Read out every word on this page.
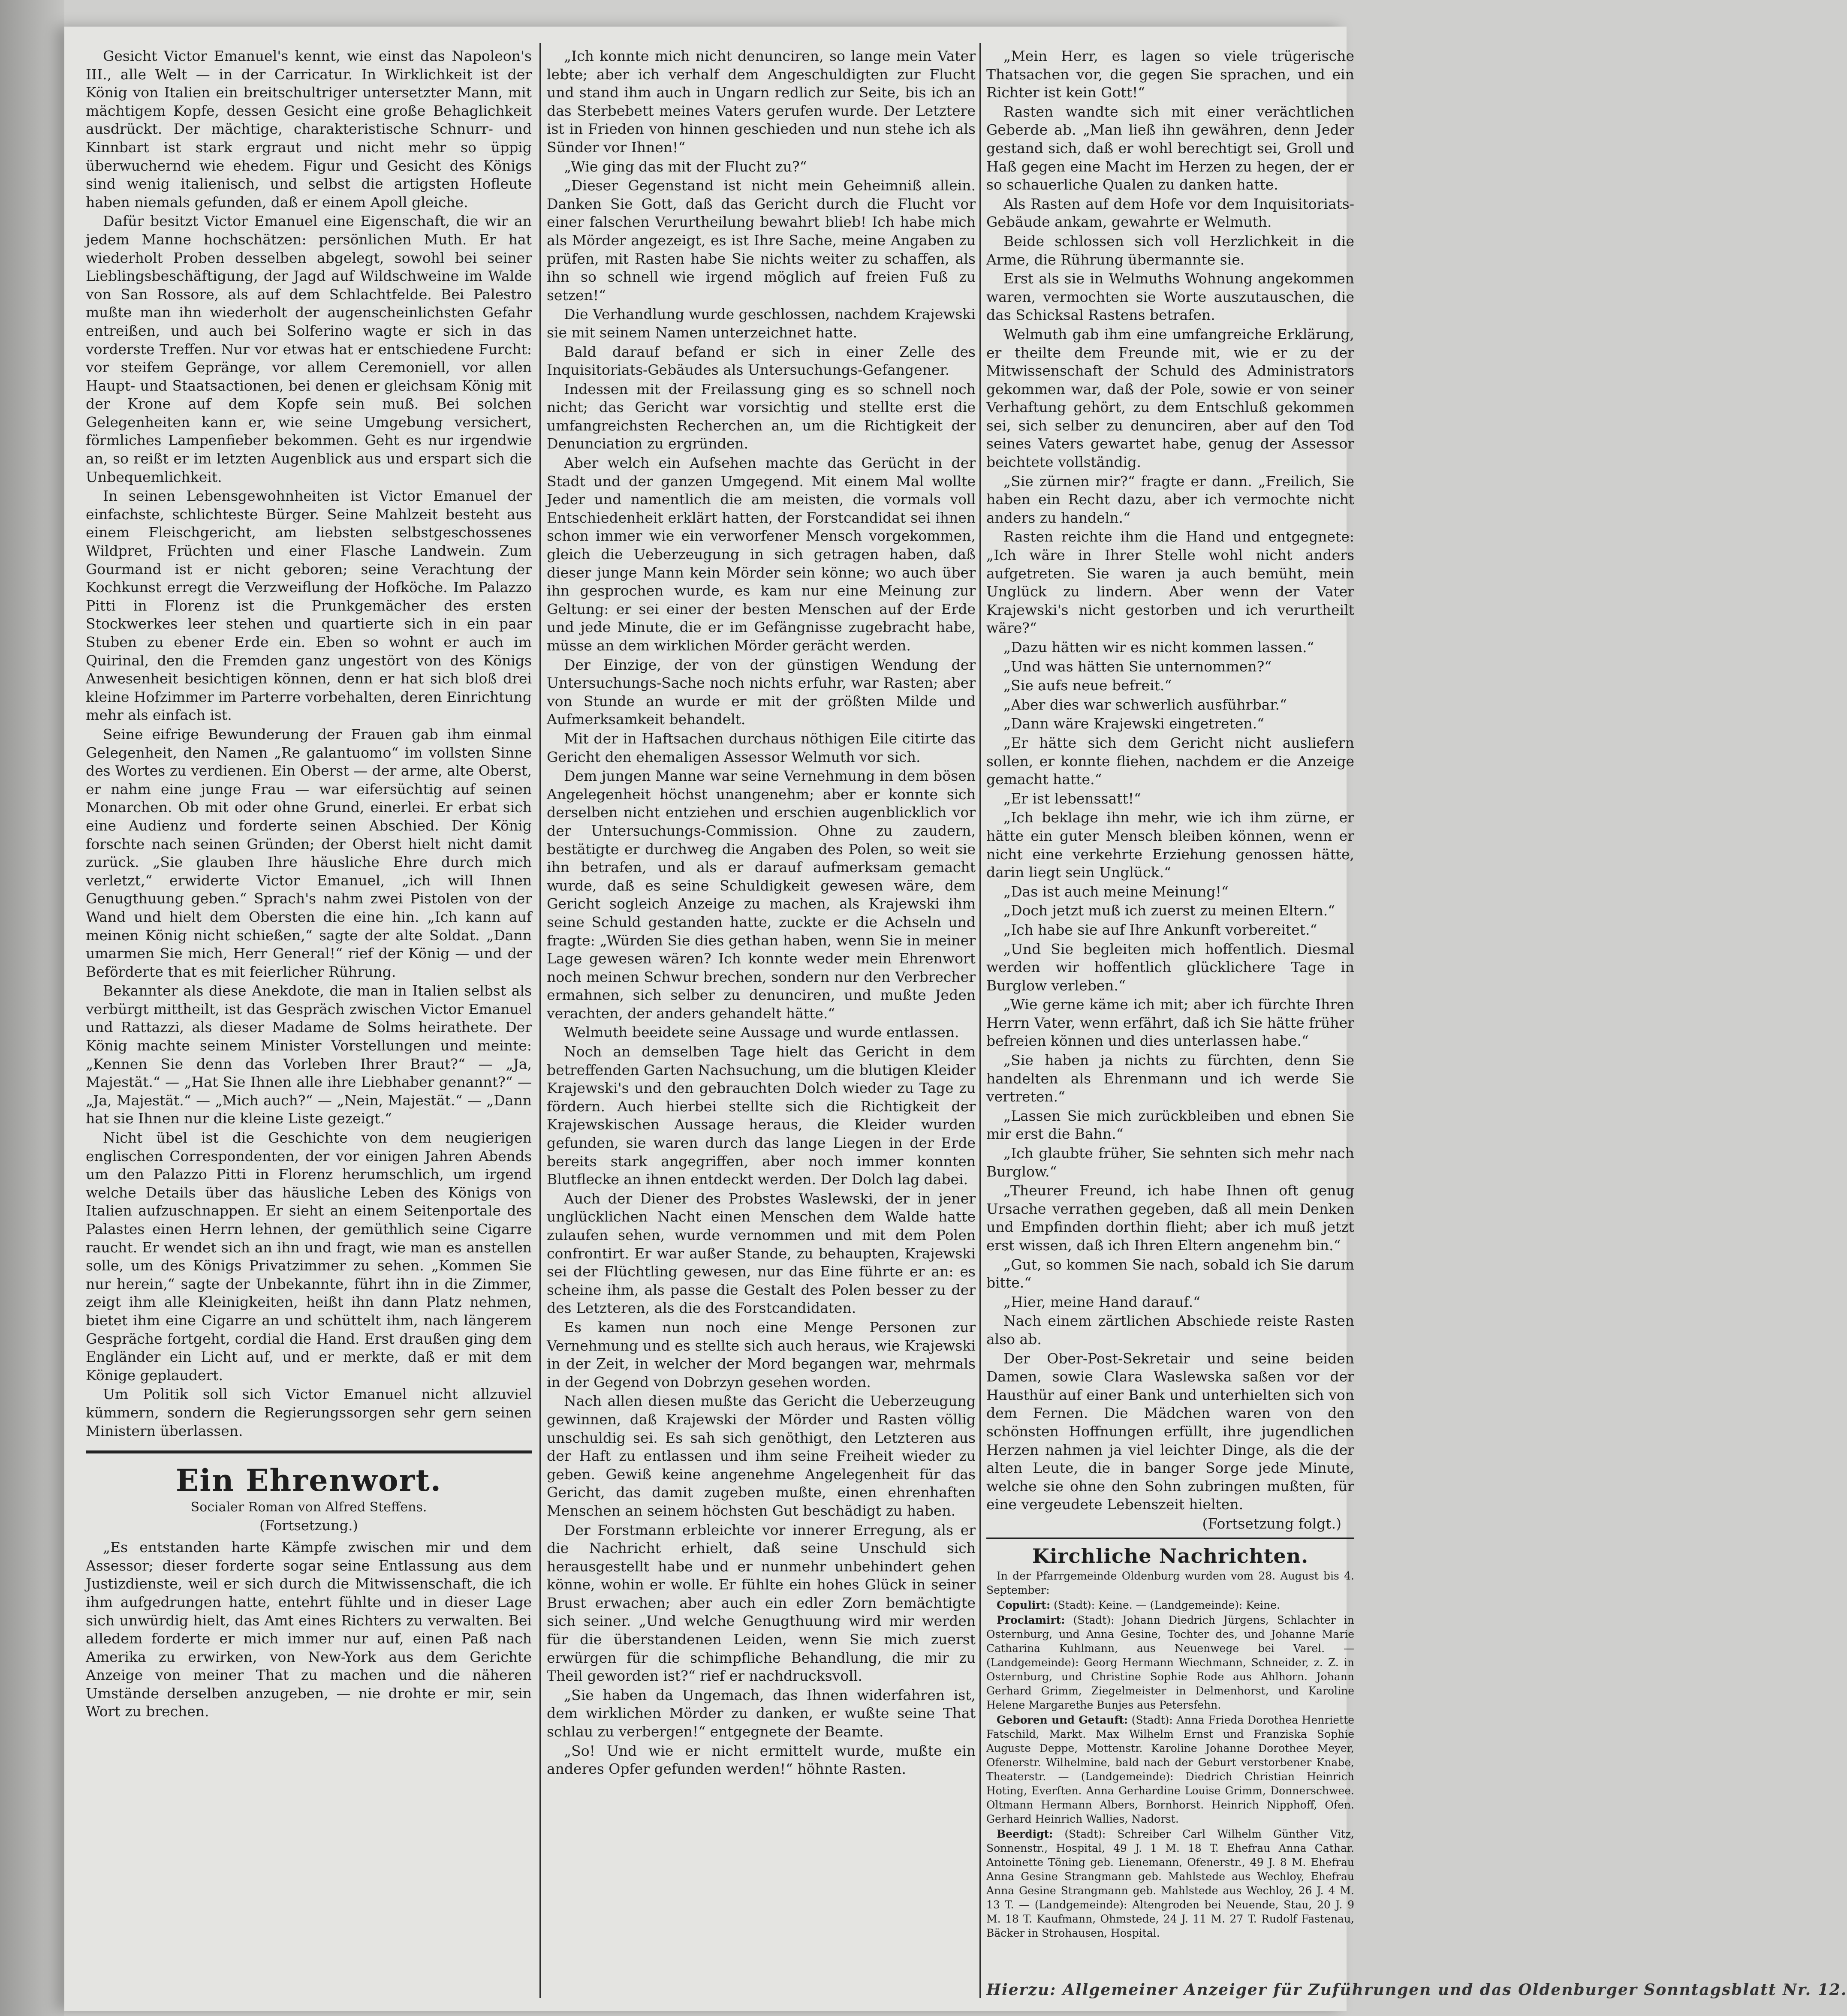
Gesicht Victor Emanuel's kennt, wie einst das Napoleon's III., alle Welt — in der Carricatur. In Wirklichkeit ist der König von Italien ein breitschultriger untersetzter Mann, mit mächtigem Kopfe, dessen Gesicht eine große Behaglichkeit ausdrückt. Der mächtige, charakteristische Schnurr- und Kinnbart ist stark ergraut und nicht mehr so üppig überwuchernd wie ehedem. Figur und Gesicht des Königs sind wenig italienisch, und selbst die artigsten Hofleute haben niemals gefunden, daß er einem Apoll gleiche.

Dafür besitzt Victor Emanuel eine Eigenschaft, die wir an jedem Manne hochschätzen: persönlichen Muth. Er hat wiederholt Proben desselben abgelegt, sowohl bei seiner Lieblingsbeschäftigung, der Jagd auf Wildschweine im Walde von San Rossore, als auf dem Schlachtfelde. Bei Palestro mußte man ihn wiederholt der augenscheinlichsten Gefahr entreißen, und auch bei Solferino wagte er sich in das vorderste Treffen. Nur vor etwas hat er entschiedene Furcht: vor steifem Gepränge, vor allem Ceremoniell, vor allen Haupt- und Staatsactionen, bei denen er gleichsam König mit der Krone auf dem Kopfe sein muß. Bei solchen Gelegenheiten kann er, wie seine Umgebung versichert, förmliches Lampenfieber bekommen. Geht es nur irgendwie an, so reißt er im letzten Augenblick aus und erspart sich die Unbequemlichkeit.

In seinen Lebensgewohnheiten ist Victor Emanuel der einfachste, schlichteste Bürger. Seine Mahlzeit besteht aus einem Fleischgericht, am liebsten selbstgeschossenes Wildpret, Früchten und einer Flasche Landwein. Zum Gourmand ist er nicht geboren; seine Verachtung der Kochkunst erregt die Verzweiflung der Hofköche. Im Palazzo Pitti in Florenz ist die Prunkgemächer des ersten Stockwerkes leer stehen und quartierte sich in ein paar Stuben zu ebener Erde ein. Eben so wohnt er auch im Quirinal, den die Fremden ganz ungestört von des Königs Anwesenheit besichtigen können, denn er hat sich bloß drei kleine Hofzimmer im Parterre vorbehalten, deren Einrichtung mehr als einfach ist.

Seine eifrige Bewunderung der Frauen gab ihm einmal Gelegenheit, den Namen „Re galantuomo“ im vollsten Sinne des Wortes zu verdienen. Ein Oberst — der arme, alte Oberst, er nahm eine junge Frau — war eifersüchtig auf seinen Monarchen. Ob mit oder ohne Grund, einerlei. Er erbat sich eine Audienz und forderte seinen Abschied. Der König forschte nach seinen Gründen; der Oberst hielt nicht damit zurück. „Sie glauben Ihre häusliche Ehre durch mich verletzt,“ erwiderte Victor Emanuel, „ich will Ihnen Genugthuung geben.“ Sprach's nahm zwei Pistolen von der Wand und hielt dem Obersten die eine hin. „Ich kann auf meinen König nicht schießen,“ sagte der alte Soldat. „Dann umarmen Sie mich, Herr General!“ rief der König — und der Beförderte that es mit feierlicher Rührung.

Bekannter als diese Anekdote, die man in Italien selbst als verbürgt mittheilt, ist das Gespräch zwischen Victor Emanuel und Rattazzi, als dieser Madame de Solms heirathete. Der König machte seinem Minister Vorstellungen und meinte: „Kennen Sie denn das Vorleben Ihrer Braut?“ — „Ja, Majestät.“ — „Hat Sie Ihnen alle ihre Liebhaber genannt?“ — „Ja, Majestät.“ — „Mich auch?“ — „Nein, Majestät.“ — „Dann hat sie Ihnen nur die kleine Liste gezeigt.“

Nicht übel ist die Geschichte von dem neugierigen englischen Correspondenten, der vor einigen Jahren Abends um den Palazzo Pitti in Florenz herumschlich, um irgend welche Details über das häusliche Leben des Königs von Italien aufzuschnappen. Er sieht an einem Seitenportale des Palastes einen Herrn lehnen, der gemüthlich seine Cigarre raucht. Er wendet sich an ihn und fragt, wie man es anstellen solle, um des Königs Privatzimmer zu sehen. „Kommen Sie nur herein,“ sagte der Unbekannte, führt ihn in die Zimmer, zeigt ihm alle Kleinigkeiten, heißt ihn dann Platz nehmen, bietet ihm eine Cigarre an und schüttelt ihm, nach längerem Gespräche fortgeht, cordial die Hand. Erst draußen ging dem Engländer ein Licht auf, und er merkte, daß er mit dem Könige geplaudert.

Um Politik soll sich Victor Emanuel nicht allzuviel kümmern, sondern die Regierungssorgen sehr gern seinen Ministern überlassen.

Ein Ehrenwort.
Socialer Roman von Alfred Steffens.
(Fortsetzung.)

„Es entstanden harte Kämpfe zwischen mir und dem Assessor; dieser forderte sogar seine Entlassung aus dem Justizdienste, weil er sich durch die Mitwissenschaft, die ich ihm aufgedrungen hatte, entehrt fühlte und in dieser Lage sich unwürdig hielt, das Amt eines Richters zu verwalten. Bei alledem forderte er mich immer nur auf, einen Paß nach Amerika zu erwirken, von New-York aus dem Gerichte Anzeige von meiner That zu machen und die näheren Umstände derselben anzugeben, — nie drohte er mir, sein Wort zu brechen.

„Ich konnte mich nicht denunciren, so lange mein Vater lebte; aber ich verhalf dem Angeschuldigten zur Flucht und stand ihm auch in Ungarn redlich zur Seite, bis ich an das Sterbebett meines Vaters gerufen wurde. Der Letztere ist in Frieden von hinnen geschieden und nun stehe ich als Sünder vor Ihnen!“

„Wie ging das mit der Flucht zu?“

„Dieser Gegenstand ist nicht mein Geheimniß allein. Danken Sie Gott, daß das Gericht durch die Flucht vor einer falschen Verurtheilung bewahrt blieb! Ich habe mich als Mörder angezeigt, es ist Ihre Sache, meine Angaben zu prüfen, mit Rasten habe Sie nichts weiter zu schaffen, als ihn so schnell wie irgend möglich auf freien Fuß zu setzen!“

Die Verhandlung wurde geschlossen, nachdem Krajewski sie mit seinem Namen unterzeichnet hatte.

Bald darauf befand er sich in einer Zelle des Inquisitoriats-Gebäudes als Untersuchungs-Gefangener.

Indessen mit der Freilassung ging es so schnell noch nicht; das Gericht war vorsichtig und stellte erst die umfangreichsten Recherchen an, um die Richtigkeit der Denunciation zu ergründen.

Aber welch ein Aufsehen machte das Gerücht in der Stadt und der ganzen Umgegend. Mit einem Mal wollte Jeder und namentlich die am meisten, die vormals voll Entschiedenheit erklärt hatten, der Forstcandidat sei ihnen schon immer wie ein verworfener Mensch vorgekommen, gleich die Ueberzeugung in sich getragen haben, daß dieser junge Mann kein Mörder sein könne; wo auch über ihn gesprochen wurde, es kam nur eine Meinung zur Geltung: er sei einer der besten Menschen auf der Erde und jede Minute, die er im Gefängnisse zugebracht habe, müsse an dem wirklichen Mörder gerächt werden.

Der Einzige, der von der günstigen Wendung der Untersuchungs-Sache noch nichts erfuhr, war Rasten; aber von Stunde an wurde er mit der größten Milde und Aufmerksamkeit behandelt.

Mit der in Haftsachen durchaus nöthigen Eile citirte das Gericht den ehemaligen Assessor Welmuth vor sich.

Dem jungen Manne war seine Vernehmung in dem bösen Angelegenheit höchst unangenehm; aber er konnte sich derselben nicht entziehen und erschien augenblicklich vor der Untersuchungs-Commission. Ohne zu zaudern, bestätigte er durchweg die Angaben des Polen, so weit sie ihn betrafen, und als er darauf aufmerksam gemacht wurde, daß es seine Schuldigkeit gewesen wäre, dem Gericht sogleich Anzeige zu machen, als Krajewski ihm seine Schuld gestanden hatte, zuckte er die Achseln und fragte: „Würden Sie dies gethan haben, wenn Sie in meiner Lage gewesen wären? Ich konnte weder mein Ehrenwort noch meinen Schwur brechen, sondern nur den Verbrecher ermahnen, sich selber zu denunciren, und mußte Jeden verachten, der anders gehandelt hätte.“

Welmuth beeidete seine Aussage und wurde entlassen.

Noch an demselben Tage hielt das Gericht in dem betreffenden Garten Nachsuchung, um die blutigen Kleider Krajewski's und den gebrauchten Dolch wieder zu Tage zu fördern. Auch hierbei stellte sich die Richtigkeit der Krajewskischen Aussage heraus, die Kleider wurden gefunden, sie waren durch das lange Liegen in der Erde bereits stark angegriffen, aber noch immer konnten Blutflecke an ihnen entdeckt werden. Der Dolch lag dabei.

Auch der Diener des Probstes Waslewski, der in jener unglücklichen Nacht einen Menschen dem Walde hatte zulaufen sehen, wurde vernommen und mit dem Polen confrontirt. Er war außer Stande, zu behaupten, Krajewski sei der Flüchtling gewesen, nur das Eine führte er an: es scheine ihm, als passe die Gestalt des Polen besser zu der des Letzteren, als die des Forstcandidaten.

Es kamen nun noch eine Menge Personen zur Vernehmung und es stellte sich auch heraus, wie Krajewski in der Zeit, in welcher der Mord begangen war, mehrmals in der Gegend von Dobrzyn gesehen worden.

Nach allen diesen mußte das Gericht die Ueberzeugung gewinnen, daß Krajewski der Mörder und Rasten völlig unschuldig sei. Es sah sich genöthigt, den Letzteren aus der Haft zu entlassen und ihm seine Freiheit wieder zu geben. Gewiß keine angenehme Angelegenheit für das Gericht, das damit zugeben mußte, einen ehrenhaften Menschen an seinem höchsten Gut beschädigt zu haben.

Der Forstmann erbleichte vor innerer Erregung, als er die Nachricht erhielt, daß seine Unschuld sich herausgestellt habe und er nunmehr unbehindert gehen könne, wohin er wolle. Er fühlte ein hohes Glück in seiner Brust erwachen; aber auch ein edler Zorn bemächtigte sich seiner. „Und welche Genugthuung wird mir werden für die überstandenen Leiden, wenn Sie mich zuerst erwürgen für die schimpfliche Behandlung, die mir zu Theil geworden ist?“ rief er nachdrucksvoll.

„Sie haben da Ungemach, das Ihnen widerfahren ist, dem wirklichen Mörder zu danken, er wußte seine That schlau zu verbergen!“ entgegnete der Beamte.

„So! Und wie er nicht ermittelt wurde, mußte ein anderes Opfer gefunden werden!“ höhnte Rasten.

„Mein Herr, es lagen so viele trügerische Thatsachen vor, die gegen Sie sprachen, und ein Richter ist kein Gott!“

Rasten wandte sich mit einer verächtlichen Geberde ab. „Man ließ ihn gewähren, denn Jeder gestand sich, daß er wohl berechtigt sei, Groll und Haß gegen eine Macht im Herzen zu hegen, der er so schauerliche Qualen zu danken hatte.

Als Rasten auf dem Hofe vor dem Inquisitoriats-Gebäude ankam, gewahrte er Welmuth.

Beide schlossen sich voll Herzlichkeit in die Arme, die Rührung übermannte sie.

Erst als sie in Welmuths Wohnung angekommen waren, vermochten sie Worte auszutauschen, die das Schicksal Rastens betrafen.

Welmuth gab ihm eine umfangreiche Erklärung, er theilte dem Freunde mit, wie er zu der Mitwissenschaft der Schuld des Administrators gekommen war, daß der Pole, sowie er von seiner Verhaftung gehört, zu dem Entschluß gekommen sei, sich selber zu denunciren, aber auf den Tod seines Vaters gewartet habe, genug der Assessor beichtete vollständig.

„Sie zürnen mir?“ fragte er dann. „Freilich, Sie haben ein Recht dazu, aber ich vermochte nicht anders zu handeln.“

Rasten reichte ihm die Hand und entgegnete: „Ich wäre in Ihrer Stelle wohl nicht anders aufgetreten. Sie waren ja auch bemüht, mein Unglück zu lindern. Aber wenn der Vater Krajewski's nicht gestorben und ich verurtheilt wäre?“

„Dazu hätten wir es nicht kommen lassen.“

„Und was hätten Sie unternommen?“

„Sie aufs neue befreit.“

„Aber dies war schwerlich ausführbar.“

„Dann wäre Krajewski eingetreten.“

„Er hätte sich dem Gericht nicht ausliefern sollen, er konnte fliehen, nachdem er die Anzeige gemacht hatte.“

„Er ist lebenssatt!“

„Ich beklage ihn mehr, wie ich ihm zürne, er hätte ein guter Mensch bleiben können, wenn er nicht eine verkehrte Erziehung genossen hätte, darin liegt sein Unglück.“

„Das ist auch meine Meinung!“

„Doch jetzt muß ich zuerst zu meinen Eltern.“

„Ich habe sie auf Ihre Ankunft vorbereitet.“

„Und Sie begleiten mich hoffentlich. Diesmal werden wir hoffentlich glücklichere Tage in Burglow verleben.“

„Wie gerne käme ich mit; aber ich fürchte Ihren Herrn Vater, wenn erfährt, daß ich Sie hätte früher befreien können und dies unterlassen habe.“

„Sie haben ja nichts zu fürchten, denn Sie handelten als Ehrenmann und ich werde Sie vertreten.“

„Lassen Sie mich zurückbleiben und ebnen Sie mir erst die Bahn.“

„Ich glaubte früher, Sie sehnten sich mehr nach Burglow.“

„Theurer Freund, ich habe Ihnen oft genug Ursache verrathen gegeben, daß all mein Denken und Empfinden dorthin flieht; aber ich muß jetzt erst wissen, daß ich Ihren Eltern angenehm bin.“

„Gut, so kommen Sie nach, sobald ich Sie darum bitte.“

„Hier, meine Hand darauf.“

Nach einem zärtlichen Abschiede reiste Rasten also ab.

Der Ober-Post-Sekretair und seine beiden Damen, sowie Clara Waslewska saßen vor der Hausthür auf einer Bank und unterhielten sich von dem Fernen. Die Mädchen waren von den schönsten Hoffnungen erfüllt, ihre jugendlichen Herzen nahmen ja viel leichter Dinge, als die der alten Leute, die in banger Sorge jede Minute, welche sie ohne den Sohn zubringen mußten, für eine vergeudete Lebenszeit hielten.

(Fortsetzung folgt.)

Kirchliche Nachrichten.

In der Pfarrgemeinde Oldenburg wurden vom 28. August bis 4. September:

Copulirt: (Stadt): Keine. — (Landgemeinde): Keine.

Proclamirt: (Stadt): Johann Diedrich Jürgens, Schlachter in Osternburg, und Anna Gesine, Tochter des, und Johanne Marie Catharina Kuhlmann, aus Neuenwege bei Varel. — (Landgemeinde): Georg Hermann Wiechmann, Schneider, z. Z. in Osternburg, und Christine Sophie Rode aus Ahlhorn. Johann Gerhard Grimm, Ziegelmeister in Delmenhorst, und Karoline Helene Margarethe Bunjes aus Petersfehn.

Geboren und Getauft: (Stadt): Anna Frieda Dorothea Henriette Fatschild, Markt. Max Wilhelm Ernst und Franziska Sophie Auguste Deppe, Mottenstr. Karoline Johanne Dorothee Meyer, Ofenerstr. Wilhelmine, bald nach der Geburt verstorbener Knabe, Theaterstr. — (Landgemeinde): Diedrich Christian Heinrich Hoting, Everſten. Anna Gerhardine Louise Grimm, Donnerschwee. Oltmann Hermann Albers, Bornhorst. Heinrich Nipphoff, Ofen. Gerhard Heinrich Wallies, Nadorst.

Beerdigt: (Stadt): Schreiber Carl Wilhelm Günther Vitz, Sonnenstr., Hospital, 49 J. 1 M. 18 T. Ehefrau Anna Cathar. Antoinette Töning geb. Lienemann, Ofenerstr., 49 J. 8 M. Ehefrau Anna Gesine Strangmann geb. Mahlstede aus Wechloy, Ehefrau Anna Gesine Strangmann geb. Mahlstede aus Wechloy, 26 J. 4 M. 13 T. — (Landgemeinde): Altengroden bei Neuende, Stau, 20 J. 9 M. 18 T. Kaufmann, Ohmstede, 24 J. 11 M. 27 T. Rudolf Fastenau, Bäcker in Strohausen, Hospital.

Hierzu: Allgemeiner Anzeiger für Zuführungen und das Oldenburger Sonntagsblatt Nr. 12.
